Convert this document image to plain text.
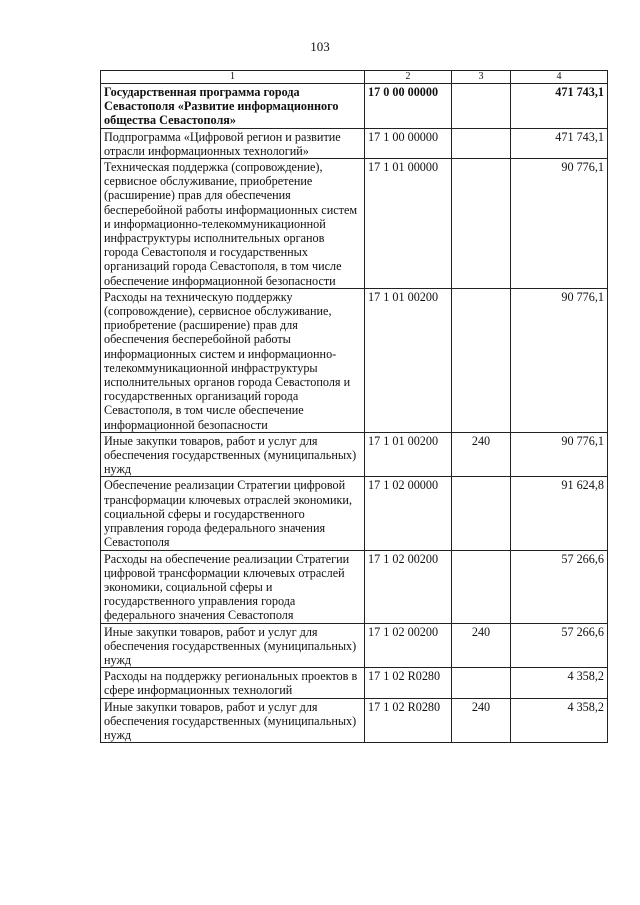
103
1	2	3	4
Государственная программа города Севастополя «Развитие информационного общества Севастополя»	17 0 00 00000		471 743,1
Подпрограмма «Цифровой регион и развитие отрасли информационных технологий»	17 1 00 00000		471 743,1
Техническая поддержка (сопровождение), сервисное обслуживание, приобретение (расширение) прав для обеспечения бесперебойной работы информационных систем и информационно-телекоммуникационной инфраструктуры исполнительных органов города Севастополя и государственных организаций города Севастополя, в том числе обеспечение информационной безопасности	17 1 01 00000		90 776,1
Расходы на техническую поддержку (сопровождение), сервисное обслуживание, приобретение (расширение) прав для обеспечения бесперебойной работы информационных систем и информационно-телекоммуникационной инфраструктуры исполнительных органов города Севастополя и государственных организаций города Севастополя, в том числе обеспечение информационной безопасности	17 1 01 00200		90 776,1
Иные закупки товаров, работ и услуг для обеспечения государственных (муниципальных) нужд	17 1 01 00200	240	90 776,1
Обеспечение реализации Стратегии цифровой трансформации ключевых отраслей экономики, социальной сферы и государственного управления города федерального значения Севастополя	17 1 02 00000		91 624,8
Расходы на обеспечение реализации Стратегии цифровой трансформации ключевых отраслей экономики, социальной сферы и государственного управления города федерального значения Севастополя	17 1 02 00200		57 266,6
Иные закупки товаров, работ и услуг для обеспечения государственных (муниципальных) нужд	17 1 02 00200	240	57 266,6
Расходы на поддержку региональных проектов в сфере информационных технологий	17 1 02 R0280		4 358,2
Иные закупки товаров, работ и услуг для обеспечения государственных (муниципальных) нужд	17 1 02 R0280	240	4 358,2
